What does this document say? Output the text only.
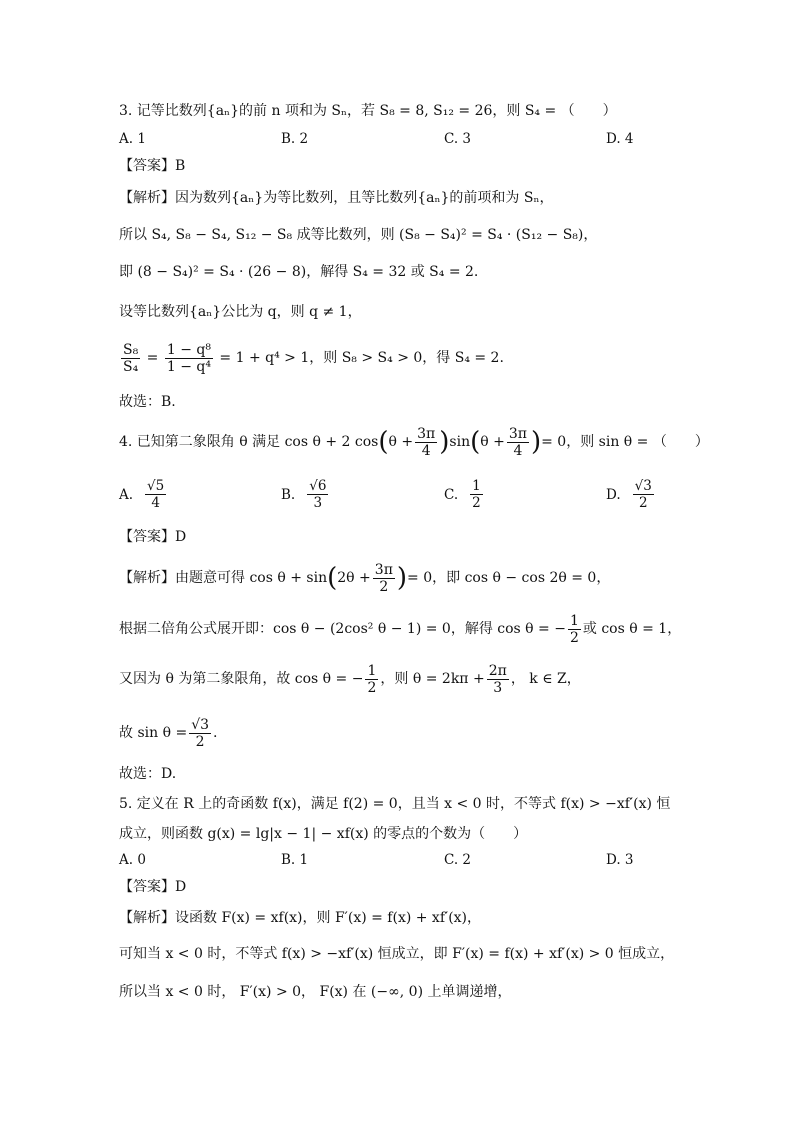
3. 记等比数列{aₙ}的前 n 项和为 Sₙ，若 S₈ = 8, S₁₂ = 26，则 S₄ = （　　）
A. 1	B. 2	C. 3	D. 4
【答案】B
【解析】因为数列{aₙ}为等比数列，且等比数列{aₙ}的前项和为 Sₙ，
所以 S₄, S₈ − S₄, S₁₂ − S₈ 成等比数列，则 (S₈ − S₄)² = S₄ · (S₁₂ − S₈)，
即 (8 − S₄)² = S₄ · (26 − 8)，解得 S₄ = 32 或 S₄ = 2.
设等比数列{aₙ}公比为 q，则 q ≠ 1，
$\frac{\text{S₈}}{\text{S₄}} = \frac{\text{1 − q⁸}}{\text{1 − q⁴}}$
= 1 + q⁴ > 1，则 S₈ > S₄ > 0，得 S₄ = 2.
故选：B.
4. 已知第二象限角 θ 满足 cos θ + 2 cos ( $\theta + \frac{3\pi}{4}$ ) sin ( $\theta + \frac{3\pi}{4}$ ) = 0，则 sin θ = （　　）
A. $\frac{√5}{4}$	B. $\frac{√6}{3}$	C. $\frac{1}{2}$	D. $\frac{√3}{2}$
【答案】D
【解析】由题意可得 cos θ + sin ( $2\theta + \frac{3\pi}{2}$ ) = 0，即 cos θ − cos 2θ = 0，
根据二倍角公式展开即：cos θ − (2cos² θ − 1) = 0，解得 cos θ = − $\frac{1}{2}$ 或 cos θ = 1，
又因为 θ 为第二象限角，故 cos θ = − $\frac{1}{2}$ ，则 $\theta = 2k\pi + \frac{2\pi}{3}$ ， k ∈ Z，
故 $\sin \theta = \frac{√3}{2}$ .
故选：D.
5. 定义在 R 上的奇函数 f(x)，满足 f(2) = 0，且当 x < 0 时，不等式 f(x) > −xf′(x) 恒
成立，则函数 g(x) = lg|x − 1| − xf(x) 的零点的个数为（　　）
A. 0	B. 1	C. 2	D. 3
【答案】D
【解析】设函数 F(x) = xf(x)，则 F′(x) = f(x) + xf′(x)，
可知当 x < 0 时，不等式 f(x) > −xf′(x) 恒成立，即 F′(x) = f(x) + xf′(x) > 0 恒成立，
所以当 x < 0 时， F′(x) > 0， F(x) 在 (−∞, 0) 上单调递增，
